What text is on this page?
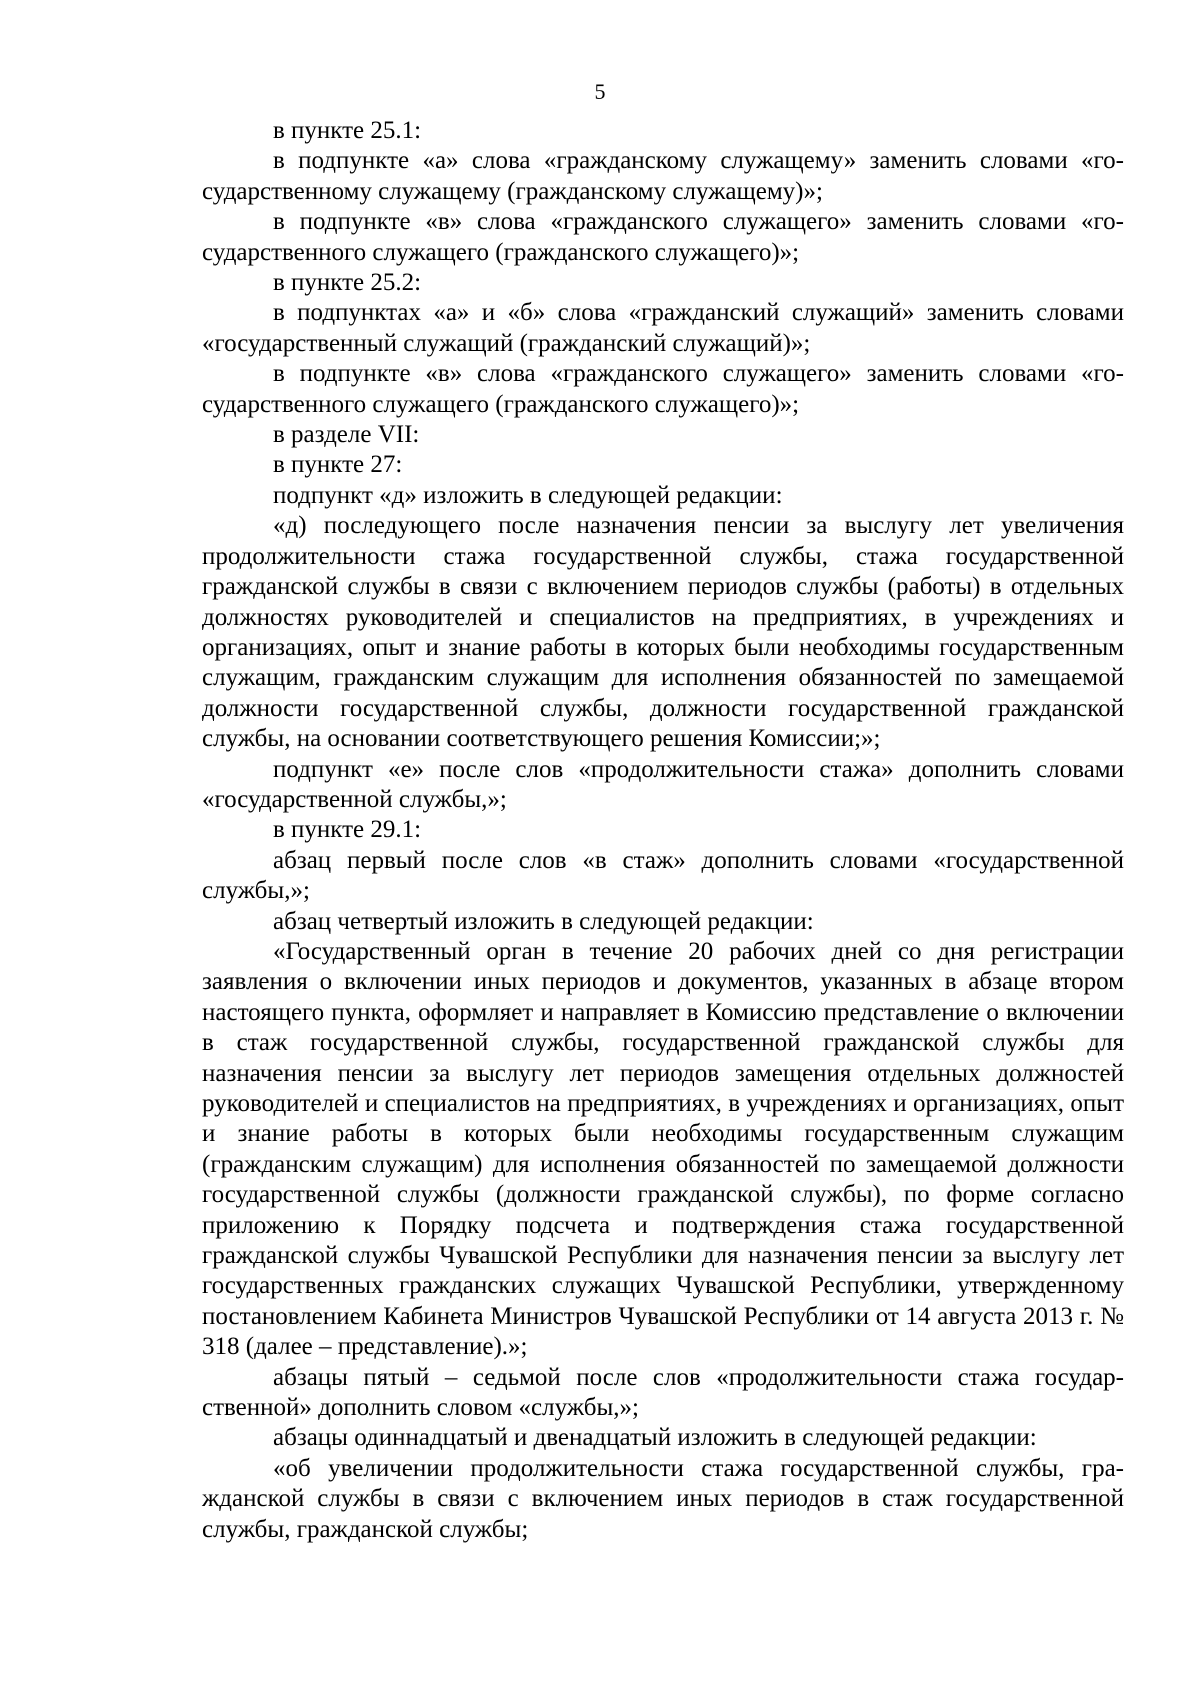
5

в пункте 25.1:

в подпункте «а» слова «гражданскому служащему» заменить словами «государственному служащему (гражданскому служащему)»;

в подпункте «в» слова «гражданского служащего» заменить словами «государственного служащего (гражданского служащего)»;

в пункте 25.2:

в подпунктах «а» и «б» слова «гражданский служащий» заменить словами «государственный служащий (гражданский служащий)»;

в подпункте «в» слова «гражданского служащего» заменить словами «государственного служащего (гражданского служащего)»;

в разделе VII:

в пункте 27:

подпункт «д» изложить в следующей редакции:

«д) последующего после назначения пенсии за выслугу лет увеличения продолжительности стажа государственной службы, стажа государственной гражданской службы в связи с включением периодов службы (работы) в отдельных должностях руководителей и специалистов на предприятиях, в учреждениях и организациях, опыт и знание работы в которых были необходимы государственным служащим, гражданским служащим для исполнения обязанностей по замещаемой должности государственной службы, должности государственной гражданской службы, на основании соответствующего решения Комиссии;»;

подпункт «е» после слов «продолжительности стажа» дополнить словами «государственной службы,»;

в пункте 29.1:

абзац первый после слов «в стаж» дополнить словами «государственной службы,»;

абзац четвертый изложить в следующей редакции:

«Государственный орган в течение 20 рабочих дней со дня регистрации заявления о включении иных периодов и документов, указанных в абзаце втором настоящего пункта, оформляет и направляет в Комиссию представление о включении в стаж государственной службы, государственной гражданской службы для назначения пенсии за выслугу лет периодов замещения отдельных должностей руководителей и специалистов на предприятиях, в учреждениях и организациях, опыт и знание работы в которых были необходимы государственным служащим (гражданским служащим) для исполнения обязанностей по замещаемой должности государственной службы (должности гражданской службы), по форме согласно приложению к Порядку подсчета и подтверждения стажа государственной гражданской службы Чувашской Республики для назначения пенсии за выслугу лет государственных гражданских служащих Чувашской Республики, утвержденному постановлением Кабинета Министров Чувашской Республики от 14 августа 2013 г. № 318 (далее – представление).»;

абзацы пятый – седьмой после слов «продолжительности стажа государственной» дополнить словом «службы,»;

абзацы одиннадцатый и двенадцатый изложить в следующей редакции:

«об увеличении продолжительности стажа государственной службы, гражданской службы в связи с включением иных периодов в стаж государственной службы, гражданской службы;
